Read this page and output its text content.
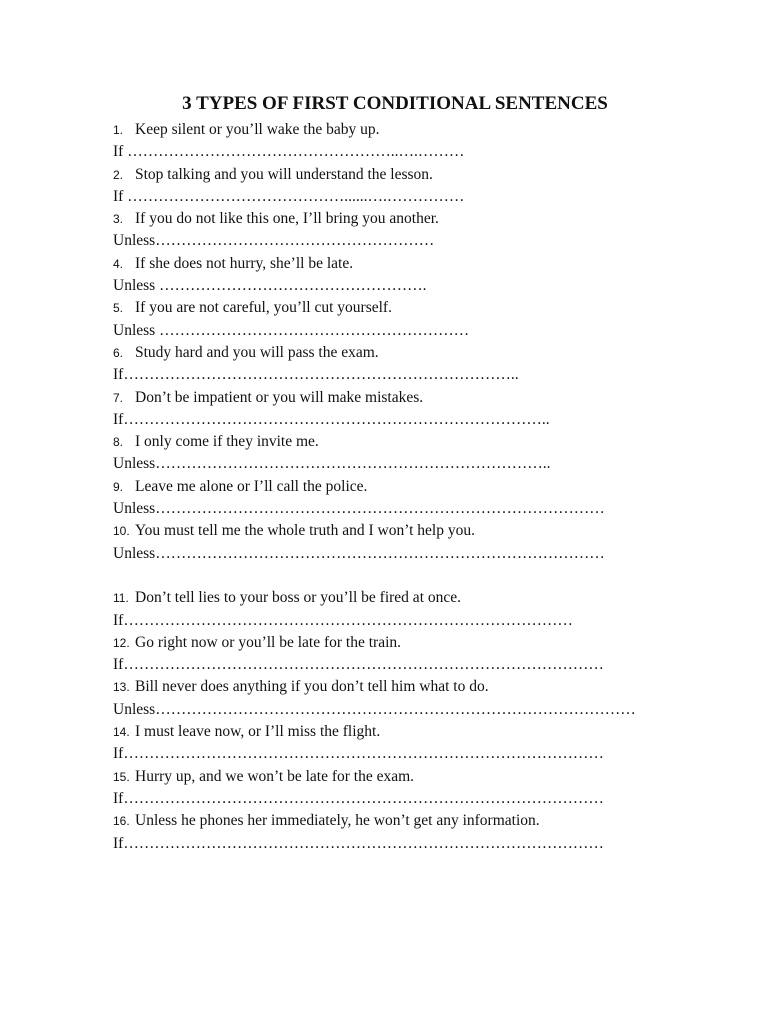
3 TYPES OF FIRST CONDITIONAL SENTENCES
1. Keep silent or you’ll wake the baby up.
If ……………………………………………..….………
2. Stop talking and you will understand the lesson.
If ……………………………………......….……………
3. If you do not like this one, I’ll bring you another.
Unless………………………………………………
4. If she does not hurry, she’ll be late.
Unless …………………………………………….
5. If you are not careful, you’ll cut yourself.
Unless ……………………………………………………
6. Study hard and you will pass the exam.
If…………………………………………………………………..
7. Don’t be impatient or you will make mistakes.
If………………………………………………………………………..
8. I only come if they invite me.
Unless…………………………………………………………………..
9. Leave me alone or I’ll call the police.
Unless……………………………………………………………………………
10. You must tell me the whole truth and I won’t help you.
Unless……………………………………………………………………………
11. Don’t tell lies to your boss or you’ll be fired at once.
If……………………………………………………………………………
12. Go right now or you’ll be late for the train.
If…………………………………………………………………………………
13. Bill never does anything if you don’t tell him what to do.
Unless…………………………………………………………………………………
14. I must leave now, or I’ll miss the flight.
If…………………………………………………………………………………
15. Hurry up, and we won’t be late for the exam.
If…………………………………………………………………………………
16. Unless he phones her immediately, he won’t get any information.
If…………………………………………………………………………………
